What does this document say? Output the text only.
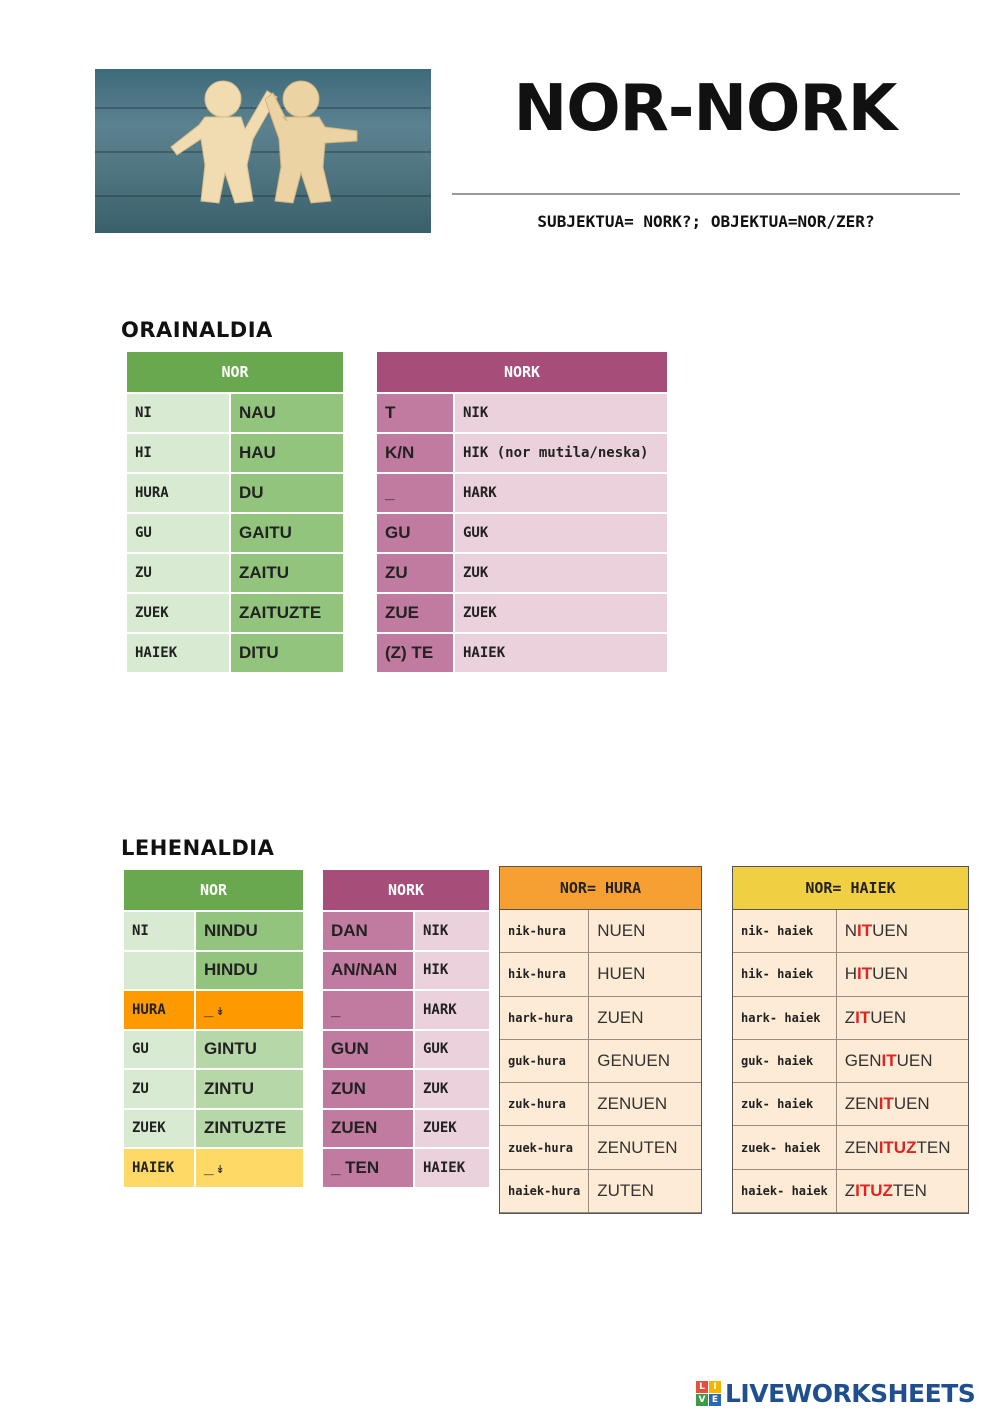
NOR-NORK
SUBJEKTUA= NORK?; OBJEKTUA=NOR/ZER?
ORAINALDIA
NOR	
NI	NAU
HI	HAU
HURA	DU
GU	GAITU
ZU	ZAITU
ZUEK	ZAITUZTE
HAIEK	DITU
NORK	
T	NIK
K/N	HIK (nor mutila/neska)
_	HARK
GU	GUK
ZU	ZUK
ZUE	ZUEK
(Z) TE	HAIEK
LEHENALDIA
NOR	
NI	NINDU
	HINDU
HURA	_ ↡
GU	GINTU
ZU	ZINTU
ZUEK	ZINTUZTE
HAIEK	_ ↡
NORK	
DAN	NIK
AN/NAN	HIK
_	HARK
GUN	GUK
ZUN	ZUK
ZUEN	ZUEK
_ TEN	HAIEK
NOR= HURA	
nik-hura	NUEN
hik-hura	HUEN
hark-hura	ZUEN
guk-hura	GENUEN
zuk-hura	ZENUEN
zuek-hura	ZENUTEN
haiek-hura	ZUTEN
NOR= HAIEK	
nik- haiek	NITUEN
hik- haiek	HITUEN
hark- haiek	ZITUEN
guk- haiek	GENITUEN
zuk- haiek	ZENITUEN
zuek- haiek	ZENITUZTEN
haiek- haiek	ZITUZTEN
L I
V E LIVEWORKSHEETS
